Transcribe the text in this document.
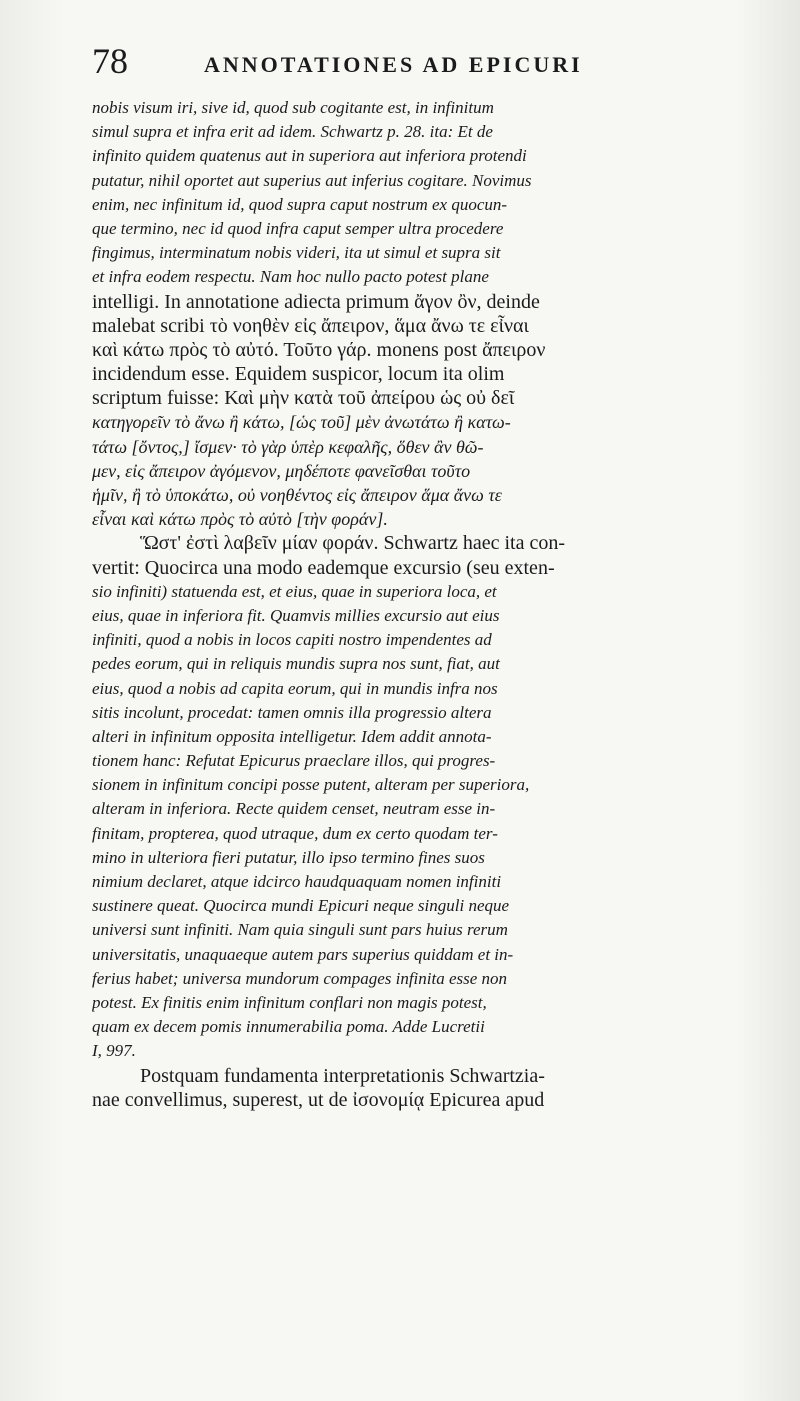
78	ANNOTATIONES AD EPICURI
nobis visum iri, sive id, quod sub cogitante est, in infinitum
simul supra et infra erit ad idem. Schwartz p. 28. ita: Et de
infinito quidem quatenus aut in superiora aut inferiora protendi
putatur, nihil oportet aut superius aut inferius cogitare. Novimus
enim, nec infinitum id, quod supra caput nostrum ex quocun-
que termino, nec id quod infra caput semper ultra procedere
fingimus, interminatum nobis videri, ita ut simul et supra sit
et infra eodem respectu. Nam hoc nullo pacto potest plane
intelligi. In annotatione adiecta primum ἄγον ὂν, deinde
malebat scribi τὸ νοηθὲν εἰς ἄπειρον, ἅμα ἄνω τε εἶναι
καὶ κάτω πρὸς τὸ αὐτό. Τοῦτο γάρ. monens post ἄπειρον
incidendum esse. Equidem suspicor, locum ita olim
scriptum fuisse: Καὶ μὴν κατὰ τοῦ ἀπείρου ὡς οὐ δεῖ
κατηγορεῖν τὸ ἄνω ἢ κάτω, [ὡς τοῦ] μὲν ἀνωτάτω ἢ κατω-
τάτω [ὄντος,] ἴσμεν· τὸ γὰρ ὑπὲρ κεφαλῆς, ὅθεν ἂν θῶ-
μεν, εἰς ἄπειρον ἀγόμενον, μηδέποτε φανεῖσθαι τοῦτο
ἡμῖν, ἢ τὸ ὑποκάτω, οὐ νοηθέντος εἰς ἄπειρον ἅμα ἄνω τε
εἶναι καὶ κάτω πρὸς τὸ αὐτὸ [τὴν φοράν].
Ὥστ' ἐστὶ λαβεῖν μίαν φοράν. Schwartz haec ita con-
vertit: Quocirca una modo eademque excursio (seu exten-
sio infiniti) statuenda est, et eius, quae in superiora loca, et
eius, quae in inferiora fit. Quamvis millies excursio aut eius
infiniti, quod a nobis in locos capiti nostro impendentes ad
pedes eorum, qui in reliquis mundis supra nos sunt, fiat, aut
eius, quod a nobis ad capita eorum, qui in mundis infra nos
sitis incolunt, procedat: tamen omnis illa progressio altera
alteri in infinitum opposita intelligetur. Idem addit annota-
tionem hanc: Refutat Epicurus praeclare illos, qui progres-
sionem in infinitum concipi posse putent, alteram per superiora,
alteram in inferiora. Recte quidem censet, neutram esse in-
finitam, propterea, quod utraque, dum ex certo quodam ter-
mino in ulteriora fieri putatur, illo ipso termino fines suos
nimium declaret, atque idcirco haudquaquam nomen infiniti
sustinere queat. Quocirca mundi Epicuri neque singuli neque
universi sunt infiniti. Nam quia singuli sunt pars huius rerum
universitatis, unaquaeque autem pars superius quiddam et in-
ferius habet; universa mundorum compages infinita esse non
potest. Ex finitis enim infinitum conflari non magis potest,
quam ex decem pomis innumerabilia poma. Adde Lucretii
I, 997.
Postquam fundamenta interpretationis Schwartzia-
nae convellimus, superest, ut de ἰσονομίᾳ Epicurea apud
